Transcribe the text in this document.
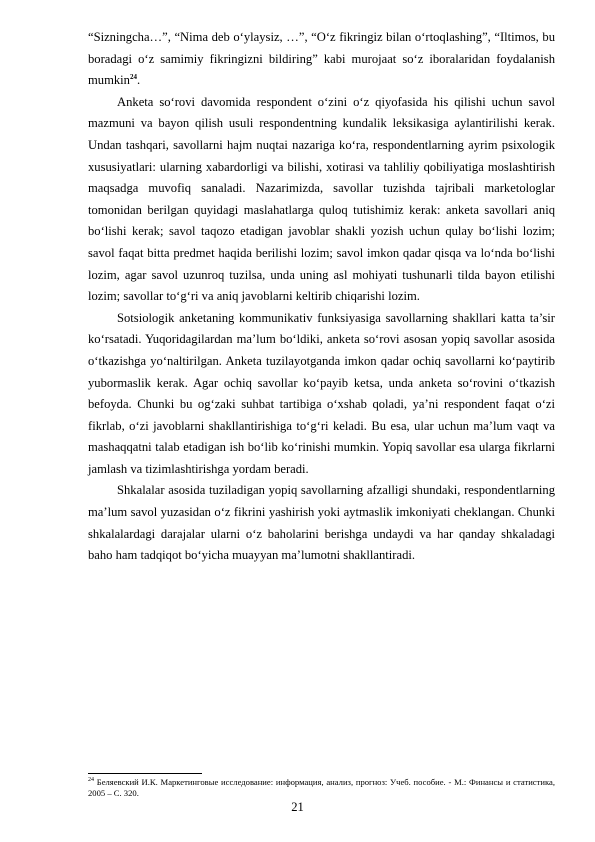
“Sizningcha…”, “Nima deb o‘ylaysiz, …”, “O‘z fikringiz bilan o‘rtoqlashing”, “Iltimos, bu boradagi o‘z samimiy fikringizni bildiring” kabi murojaat so‘z iboralaridan foydalanish mumkin$^{24}$.

Anketa so‘rovi davomida respondent o‘zini o‘z qiyofasida his qilishi uchun savol mazmuni va bayon qilish usuli respondentning kundalik leksikasiga aylantirilishi kerak. Undan tashqari, savollarni hajm nuqtai nazariga ko‘ra, respondentlarning ayrim psixologik xususiyatlari: ularning xabardorligi va bilishi, xotirasi va tahliliy qobiliyatiga moslashtirish maqsadga muvofiq sanaladi. Nazarimizda, savollar tuzishda tajribali marketologlar tomonidan berilgan quyidagi maslahatlarga quloq tutishimiz kerak: anketa savollari aniq bo‘lishi kerak; savol taqozo etadigan javoblar shakli yozish uchun qulay bo‘lishi lozim; savol faqat bitta predmet haqida berilishi lozim; savol imkon qadar qisqa va lo‘nda bo‘lishi lozim, agar savol uzunroq tuzilsa, unda uning asl mohiyati tushunarli tilda bayon etilishi lozim; savollar to‘g‘ri va aniq javoblarni keltirib chiqarishi lozim.

Sotsiologik anketaning kommunikativ funksiyasiga savollarning shakllari katta ta’sir ko‘rsatadi. Yuqoridagilardan ma’lum bo‘ldiki, anketa so‘rovi asosan yopiq savollar asosida o‘tkazishga yo‘naltirilgan. Anketa tuzilayotganda imkon qadar ochiq savollarni ko‘paytirib yubormaslik kerak. Agar ochiq savollar ko‘payib ketsa, unda anketa so‘rovini o‘tkazish befoyda. Chunki bu og‘zaki suhbat tartibiga o‘xshab qoladi, ya’ni respondent faqat o‘zi fikrlab, o‘zi javoblarni shakllantirishiga to‘g‘ri keladi. Bu esa, ular uchun ma’lum vaqt va mashaqqatni talab etadigan ish bo‘lib ko‘rinishi mumkin. Yopiq savollar esa ularga fikrlarni jamlash va tizimlashtirishga yordam beradi.

Shkalalar asosida tuziladigan yopiq savollarning afzalligi shundaki, respondentlarning ma’lum savol yuzasidan o‘z fikrini yashirish yoki aytmaslik imkoniyati cheklangan. Chunki shkalalardagi darajalar ularni o‘z baholarini berishga undaydi va har qanday shkaladagi baho ham tadqiqot bo‘yicha muayyan ma’lumotni shakllantiradi.

$^{24}$ Беляевский И.К. Маркетинговые исследование: информация, анализ, прогноз: Учеб. пособие. - М.: Финансы и статистика, 2005 – С. 320.

21
